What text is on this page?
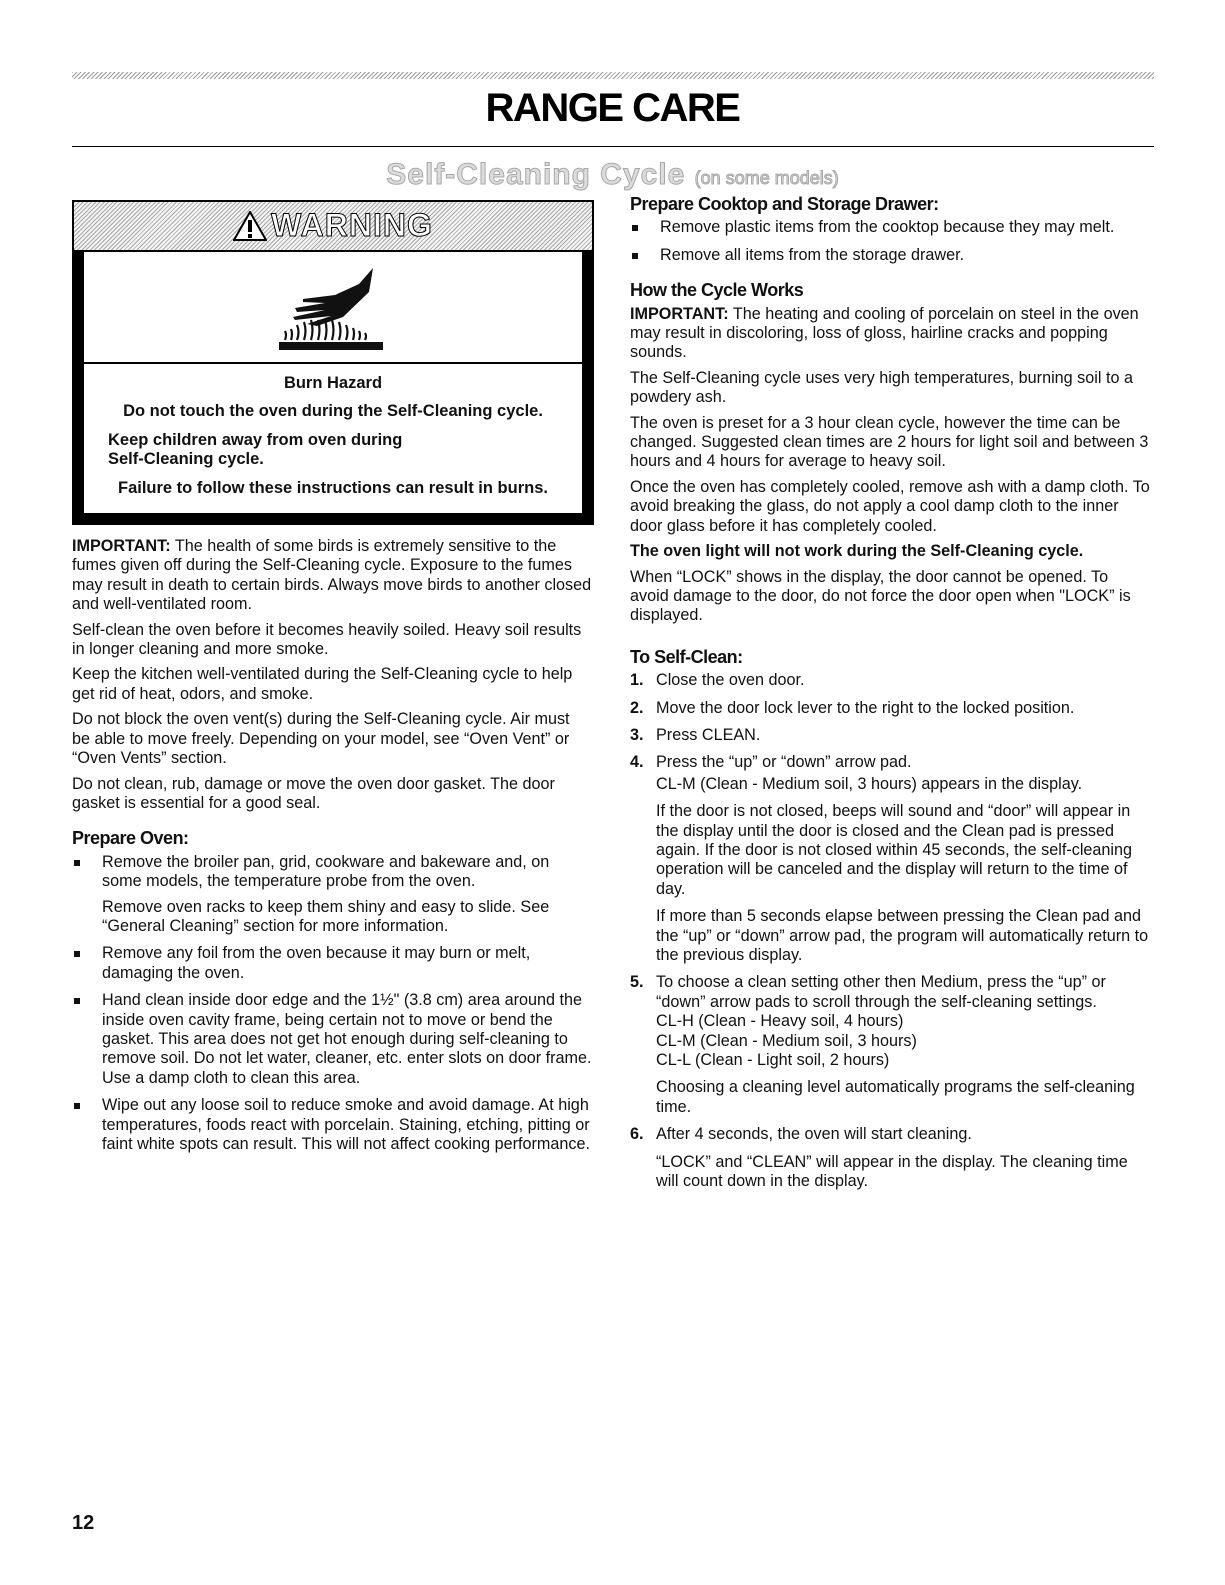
RANGE CARE
Self-Cleaning Cycle (on some models)
WARNING

Burn Hazard

Do not touch the oven during the Self-Cleaning cycle.

Keep children away from oven during

Self-Cleaning cycle.

Failure to follow these instructions can result in burns.

IMPORTANT: The health of some birds is extremely sensitive to the fumes given off during the Self-Cleaning cycle. Exposure to the fumes may result in death to certain birds. Always move birds to another closed and well-ventilated room.

Self-clean the oven before it becomes heavily soiled. Heavy soil results in longer cleaning and more smoke.

Keep the kitchen well-ventilated during the Self-Cleaning cycle to help get rid of heat, odors, and smoke.

Do not block the oven vent(s) during the Self-Cleaning cycle. Air must be able to move freely. Depending on your model, see “Oven Vent” or “Oven Vents” section.

Do not clean, rub, damage or move the oven door gasket. The door gasket is essential for a good seal.

Prepare Oven:

Remove the broiler pan, grid, cookware and bakeware and, on some models, the temperature probe from the oven.

Remove oven racks to keep them shiny and easy to slide. See “General Cleaning” section for more information.

Remove any foil from the oven because it may burn or melt, damaging the oven.

Hand clean inside door edge and the 1½" (3.8 cm) area around the inside oven cavity frame, being certain not to move or bend the gasket. This area does not get hot enough during self-cleaning to remove soil. Do not let water, cleaner, etc. enter slots on door frame. Use a damp cloth to clean this area.

Wipe out any loose soil to reduce smoke and avoid damage. At high temperatures, foods react with porcelain. Staining, etching, pitting or faint white spots can result. This will not affect cooking performance.

Prepare Cooktop and Storage Drawer:

Remove plastic items from the cooktop because they may melt.

Remove all items from the storage drawer.

How the Cycle Works

IMPORTANT: The heating and cooling of porcelain on steel in the oven may result in discoloring, loss of gloss, hairline cracks and popping sounds.

The Self-Cleaning cycle uses very high temperatures, burning soil to a powdery ash.

The oven is preset for a 3 hour clean cycle, however the time can be changed. Suggested clean times are 2 hours for light soil and between 3 hours and 4 hours for average to heavy soil.

Once the oven has completely cooled, remove ash with a damp cloth. To avoid breaking the glass, do not apply a cool damp cloth to the inner door glass before it has completely cooled.

The oven light will not work during the Self-Cleaning cycle.

When “LOCK” shows in the display, the door cannot be opened. To avoid damage to the door, do not force the door open when "LOCK” is displayed.

To Self-Clean:
1. Close the oven door.

2. Move the door lock lever to the right to the locked position.

3. Press CLEAN.

4. Press the “up” or “down” arrow pad.

CL-M (Clean - Medium soil, 3 hours) appears in the display.

If the door is not closed, beeps will sound and “door” will appear in the display until the door is closed and the Clean pad is pressed again. If the door is not closed within 45 seconds, the self-cleaning operation will be canceled and the display will return to the time of day.

If more than 5 seconds elapse between pressing the Clean pad and the “up” or “down” arrow pad, the program will automatically return to the previous display.

5. To choose a clean setting other then Medium, press the “up” or “down” arrow pads to scroll through the self-cleaning settings.

CL-H (Clean - Heavy soil, 4 hours)

CL-M (Clean - Medium soil, 3 hours)

CL-L (Clean - Light soil, 2 hours)

Choosing a cleaning level automatically programs the self-cleaning time.

6. After 4 seconds, the oven will start cleaning.

“LOCK” and “CLEAN” will appear in the display. The cleaning time will count down in the display.

12
